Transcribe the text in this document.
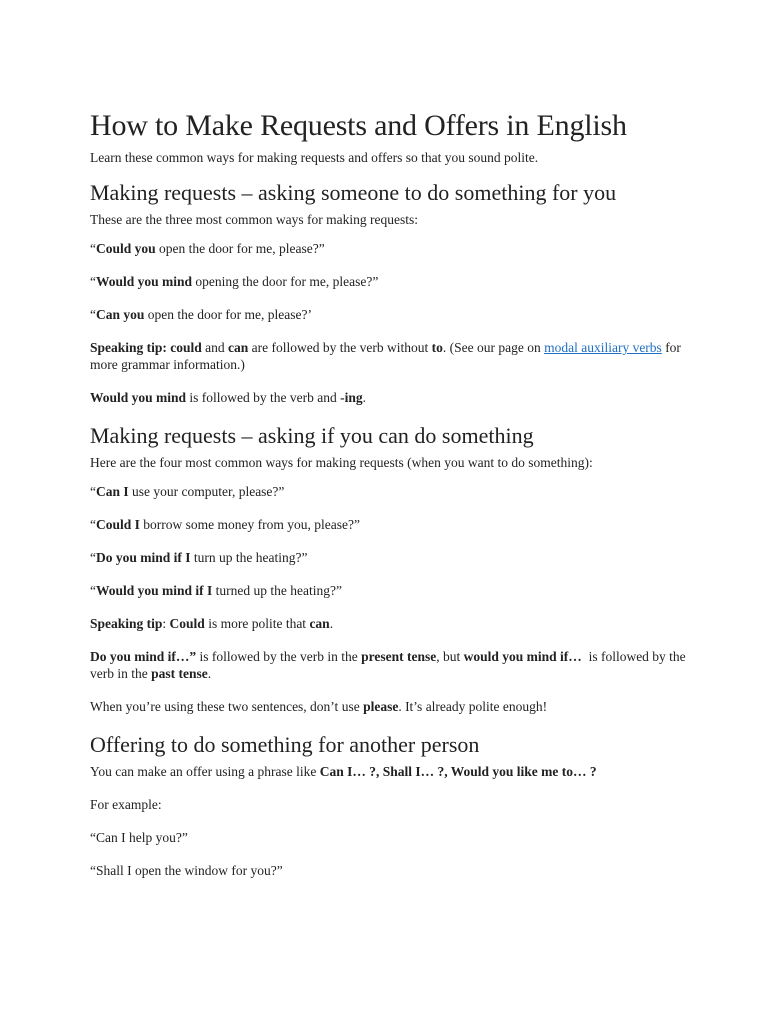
How to Make Requests and Offers in English

Learn these common ways for making requests and offers so that you sound polite.

Making requests – asking someone to do something for you

These are the three most common ways for making requests:

“Could you open the door for me, please?”

“Would you mind opening the door for me, please?”

“Can you open the door for me, please?’

Speaking tip: could and can are followed by the verb without to. (See our page on modal auxiliary verbs for more grammar information.)

Would you mind is followed by the verb and -ing.

Making requests – asking if you can do something

Here are the four most common ways for making requests (when you want to do something):

“Can I use your computer, please?”

“Could I borrow some money from you, please?”

“Do you mind if I turn up the heating?”

“Would you mind if I turned up the heating?”

Speaking tip: Could is more polite that can.

Do you mind if…” is followed by the verb in the present tense, but would you mind if…  is followed by the verb in the past tense.

When you’re using these two sentences, don’t use please. It’s already polite enough!

Offering to do something for another person

You can make an offer using a phrase like Can I… ?, Shall I… ?, Would you like me to… ?

For example:

“Can I help you?”

“Shall I open the window for you?”
